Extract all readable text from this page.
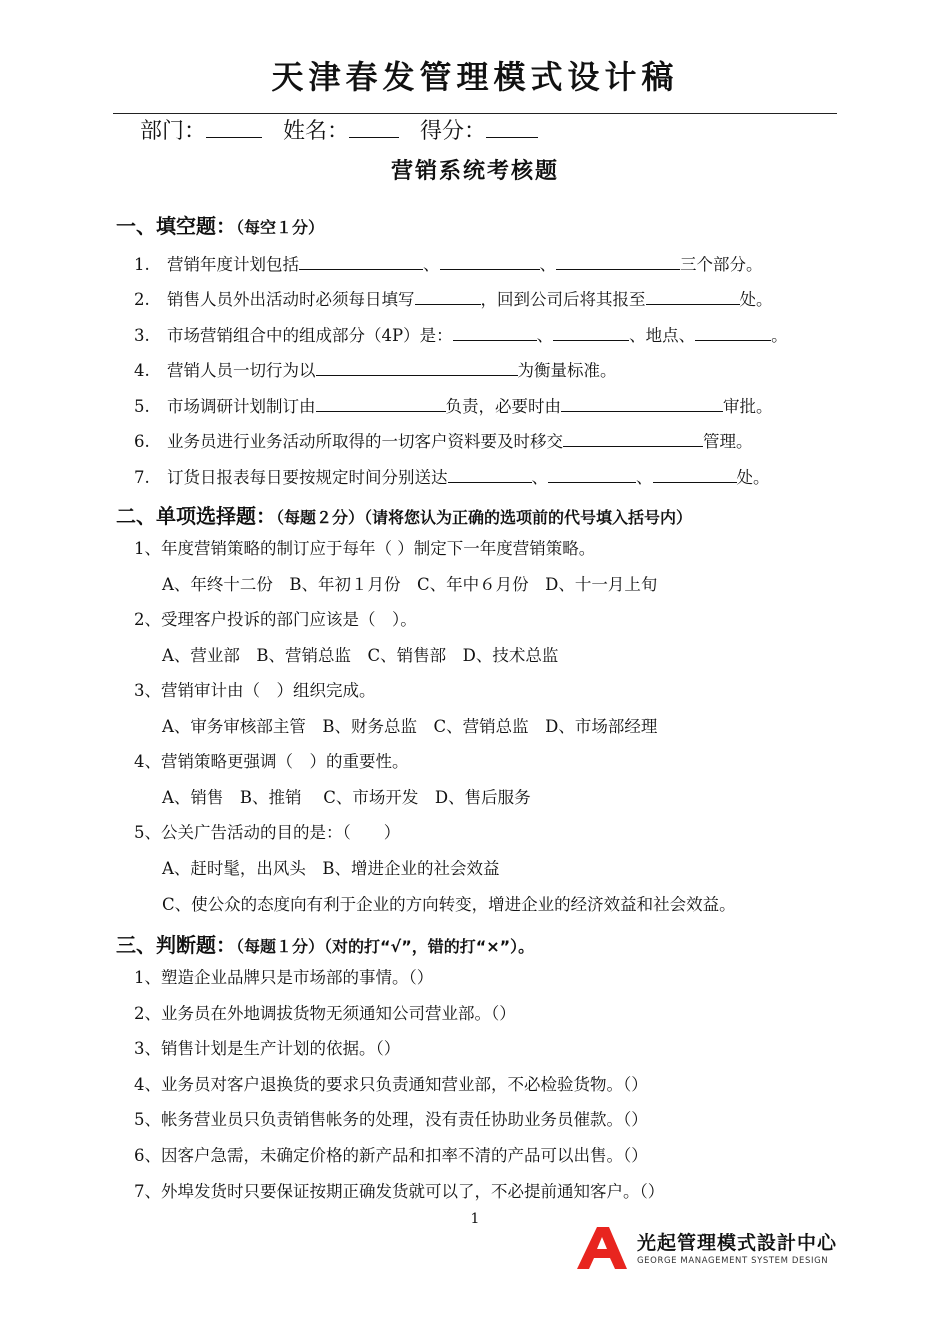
天津春发管理模式设计稿
部门：	姓名：	得分：
营销系统考核题
一、填空题：（每空１分）
1. 营销年度计划包括	、	、	三个部分。
2. 销售人员外出活动时必须每日填写	，回到公司后将其报至	处。
3. 市场营销组合中的组成部分（4P）是：	、	、地点、	。
4. 营销人员一切行为以	为衡量标准。
5. 市场调研计划制订由	负责，必要时由	审批。
6. 业务员进行业务活动所取得的一切客户资料要及时移交	管理。
7. 订货日报表每日要按规定时间分别送达	、	、	处。
二、单项选择题：（每题２分）（请将您认为正确的选项前的代号填入括号内）
1、年度营销策略的制订应于每年（ ）制定下一年度营销策略。
A、年终十二份　B、年初１月份　C、年中６月份　D、十一月上旬
2、受理客户投诉的部门应该是（　）。
A、营业部　B、营销总监　C、销售部　D、技术总监
3、营销审计由（　）组织完成。
A、审务审核部主管　B、财务总监　C、营销总监　D、市场部经理
4、营销策略更强调（　）的重要性。
A、销售　B、推销　 C、市场开发　D、售后服务
5、公关广告活动的目的是：（　　）
A、赶时髦，出风头　B、增进企业的社会效益
C、使公众的态度向有利于企业的方向转变，增进企业的经济效益和社会效益。
三、判断题：（每题１分）（对的打“√”，错的打“×”）。
1、塑造企业品牌只是市场部的事情。（）
2、业务员在外地调拔货物无须通知公司营业部。（）
3、销售计划是生产计划的依据。（）
4、业务员对客户退换货的要求只负责通知营业部，不必检验货物。（）
5、帐务营业员只负责销售帐务的处理，没有责任协助业务员催款。（）
6、因客户急需，未确定价格的新产品和扣率不清的产品可以出售。（）
7、外埠发货时只要保证按期正确发货就可以了，不必提前通知客户。（）
1
光起管理模式設計中心
GEORGE MANAGEMENT SYSTEM DESIGN
